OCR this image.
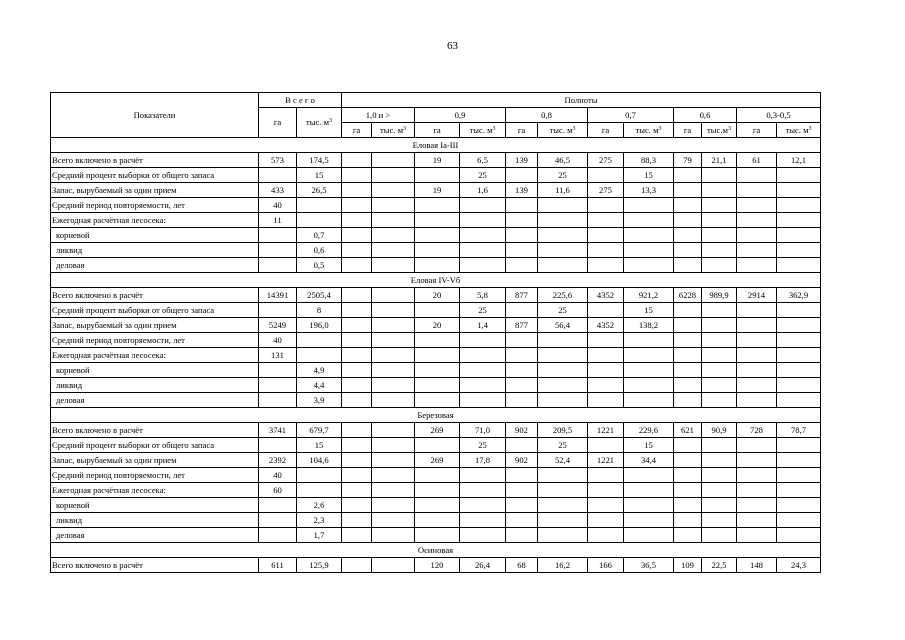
63
Показатели	В с е г о		Полноты											
	га	тыс. $м^3$	1,0 и >		0,9		0,8		0,7		0,6		0,3-0,5	
			га	тыс. $м^3$	га	тыс. $м^3$	га	тыс. $м^3$	га	тыс. $м^3$	га	$тыс.м^3$	га	тыс. $м^3$
Еловая Iа-III														
Всего включено в расчёт	573	174,5			19	6,5	139	46,5	275	88,3	79	21,1	61	12,1
Средний процент выборки от общего запаса		15				25		25		15				
Запас, вырубаемый за один прием	433	26,5			19	1,6	139	11,6	275	13,3				
Средний период повторяемости, лет	40													
Ежегодная расчётная лесосека:	11													
корневой		0,7												
ликвид		0,6												
деловая		0,5												
Еловая IV-Vб														
Всего включено в расчёт	14391	2505,4			20	5,8	877	225,6	4352	921,2	6228	989,9	2914	362,9
Средний процент выборки от общего запаса		8				25		25		15				
Запас, вырубаемый за один прием	5249	196,0			20	1,4	877	56,4	4352	138,2				
Средний период повторяемости, лет	40													
Ежегодная расчётная лесосека:	131													
корневой		4,9												
ликвид		4,4												
деловая		3,9												
Березовая														
Всего включено в расчёт	3741	679,7			269	71,0	902	209,5	1221	229,6	621	90,9	728	78,7
Средний процент выборки от общего запаса		15				25		25		15				
Запас, вырубаемый за один прием	2392	104,6			269	17,8	902	52,4	1221	34,4				
Средний период повторяемости, лет	40													
Ежегодная расчётная лесосека:	60													
корневой		2,6												
ликвид		2,3												
деловая		1,7												
Осиновая														
Всего включено в расчёт	611	125,9			120	26,4	68	16,2	166	36,5	109	22,5	148	24,3
